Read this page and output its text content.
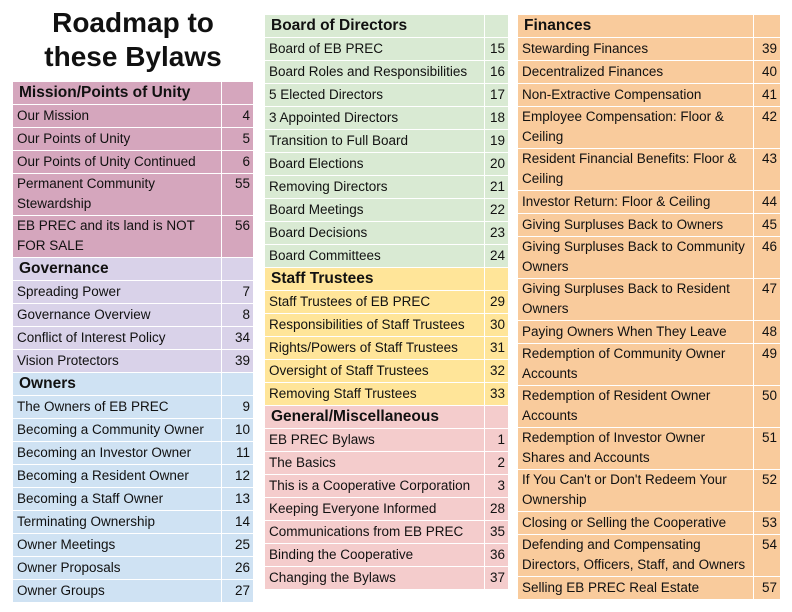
Roadmap to
these Bylaws
Mission/Points of Unity	
Our Mission	4
Our Points of Unity	5
Our Points of Unity Continued	6
Permanent Community Stewardship	55
EB PREC and its land is NOT FOR SALE	56
Governance	
Spreading Power	7
Governance Overview	8
Conflict of Interest Policy	34
Vision Protectors	39
Owners	
The Owners of EB PREC	9
Becoming a Community Owner	10
Becoming an Investor Owner	11
Becoming a Resident Owner	12
Becoming a Staff Owner	13
Terminating Ownership	14
Owner Meetings	25
Owner Proposals	26
Owner Groups	27
Board of Directors	
Board of EB PREC	15
Board Roles and Responsibilities	16
5 Elected Directors	17
3 Appointed Directors	18
Transition to Full Board	19
Board Elections	20
Removing Directors	21
Board Meetings	22
Board Decisions	23
Board Committees	24
Staff Trustees	
Staff Trustees of EB PREC	29
Responsibilities of Staff Trustees	30
Rights/Powers of Staff Trustees	31
Oversight of Staff Trustees	32
Removing Staff Trustees	33
General/Miscellaneous	
EB PREC Bylaws	1
The Basics	2
This is a Cooperative Corporation	3
Keeping Everyone Informed	28
Communications from EB PREC	35
Binding the Cooperative	36
Changing the Bylaws	37
Finances	
Stewarding Finances	39
Decentralized Finances	40
Non-Extractive Compensation	41
Employee Compensation: Floor & Ceiling	42
Resident Financial Benefits: Floor & Ceiling	43
Investor Return: Floor & Ceiling	44
Giving Surpluses Back to Owners	45
Giving Surpluses Back to Community Owners	46
Giving Surpluses Back to Resident Owners	47
Paying Owners When They Leave	48
Redemption of Community Owner Accounts	49
Redemption of Resident Owner Accounts	50
Redemption of Investor Owner Shares and Accounts	51
If You Can't or Don't Redeem Your Ownership	52
Closing or Selling the Cooperative	53
Defending and Compensating Directors, Officers, Staff, and Owners	54
Selling EB PREC Real Estate	57
